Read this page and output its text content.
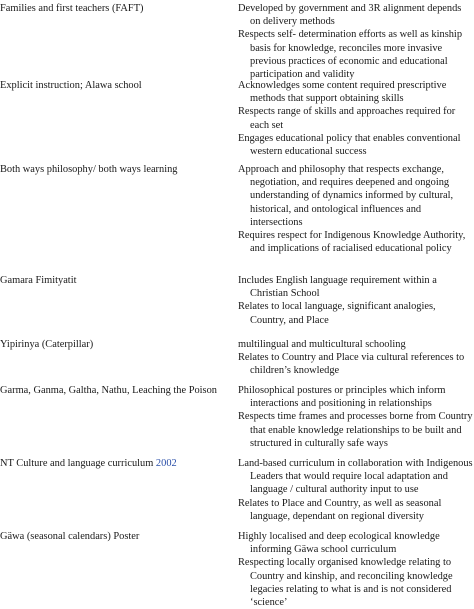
Families and first teachers (FAFT)	Developed by government and 3R alignment depends on delivery methods
Respects self- determination efforts as well as kinship basis for knowledge, reconciles more invasive previous practices of economic and educational participation and validity
Explicit instruction; Alawa school	Acknowledges some content required prescriptive methods that support obtaining skills
Respects range of skills and approaches required for each set
Engages educational policy that enables conventional western educational success
Both ways philosophy/ both ways learning	Approach and philosophy that respects exchange, negotiation, and requires deepened and ongoing understanding of dynamics informed by cultural, historical, and ontological influences and intersections
Requires respect for Indigenous Knowledge Authority, and implications of racialised educational policy
Gamara Fimityatit	Includes English language requirement within a Christian School
Relates to local language, significant analogies, Country, and Place
Yipirinya (Caterpillar)	multilingual and multicultural schooling
Relates to Country and Place via cultural references to children’s knowledge
Garma, Ganma, Galtha, Nathu, Leaching the Poison	Philosophical postures or principles which inform interactions and positioning in relationships
Respects time frames and processes borne from Country that enable knowledge relationships to be built and structured in culturally safe ways
NT Culture and language curriculum 2002	Land-based curriculum in collaboration with Indigenous Leaders that would require local adaptation and language / cultural authority input to use
Relates to Place and Country, as well as seasonal language, dependant on regional diversity
Gäwa (seasonal calendars) Poster	Highly localised and deep ecological knowledge informing Gäwa school curriculum
Respecting locally organised knowledge relating to Country and kinship, and reconciling knowledge legacies relating to what is and is not considered ‘science’
